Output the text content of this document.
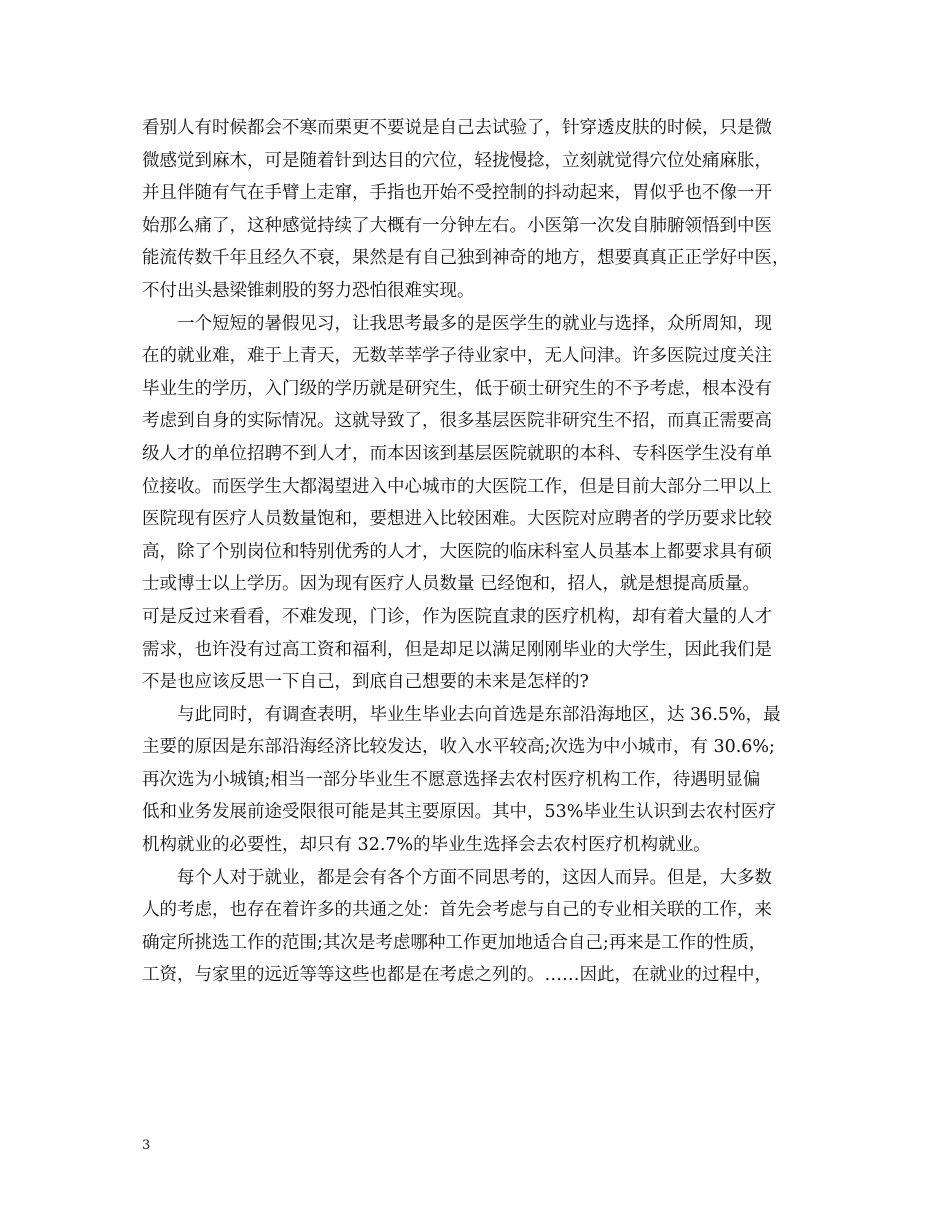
看别人有时候都会不寒而栗更不要说是自己去试验了，针穿透皮肤的时候，只是微
微感觉到麻木，可是随着针到达目的穴位，轻拢慢捻，立刻就觉得穴位处痛麻胀，
并且伴随有气在手臂上走窜，手指也开始不受控制的抖动起来，胃似乎也不像一开
始那么痛了，这种感觉持续了大概有一分钟左右。小医第一次发自肺腑领悟到中医
能流传数千年且经久不衰，果然是有自己独到神奇的地方，想要真真正正学好中医，
不付出头悬梁锥刺股的努力恐怕很难实现。
一个短短的暑假见习，让我思考最多的是医学生的就业与选择，众所周知，现
在的就业难，难于上青天，无数莘莘学子待业家中，无人问津。许多医院过度关注
毕业生的学历，入门级的学历就是研究生，低于硕士研究生的不予考虑，根本没有
考虑到自身的实际情况。这就导致了，很多基层医院非研究生不招，而真正需要高
级人才的单位招聘不到人才，而本因该到基层医院就职的本科、专科医学生没有单
位接收。而医学生大都渴望进入中心城市的大医院工作，但是目前大部分二甲以上
医院现有医疗人员数量饱和，要想进入比较困难。大医院对应聘者的学历要求比较
高，除了个别岗位和特别优秀的人才，大医院的临床科室人员基本上都要求具有硕
士或博士以上学历。因为现有医疗人员数量 已经饱和，招人，就是想提高质量。
可是反过来看看，不难发现，门诊，作为医院直隶的医疗机构，却有着大量的人才
需求，也许没有过高工资和福利，但是却足以满足刚刚毕业的大学生，因此我们是
不是也应该反思一下自己，到底自己想要的未来是怎样的?
与此同时，有调查表明，毕业生毕业去向首选是东部沿海地区，达 36.5%，最
主要的原因是东部沿海经济比较发达，收入水平较高;次选为中小城市，有 30.6%;
再次选为小城镇;相当一部分毕业生不愿意选择去农村医疗机构工作，待遇明显偏
低和业务发展前途受限很可能是其主要原因。其中，53%毕业生认识到去农村医疗
机构就业的必要性，却只有 32.7%的毕业生选择会去农村医疗机构就业。
每个人对于就业，都是会有各个方面不同思考的，这因人而异。但是，大多数
人的考虑，也存在着许多的共通之处：首先会考虑与自己的专业相关联的工作，来
确定所挑选工作的范围;其次是考虑哪种工作更加地适合自己;再来是工作的性质，
工资，与家里的远近等等这些也都是在考虑之列的。……因此，在就业的过程中，
3
